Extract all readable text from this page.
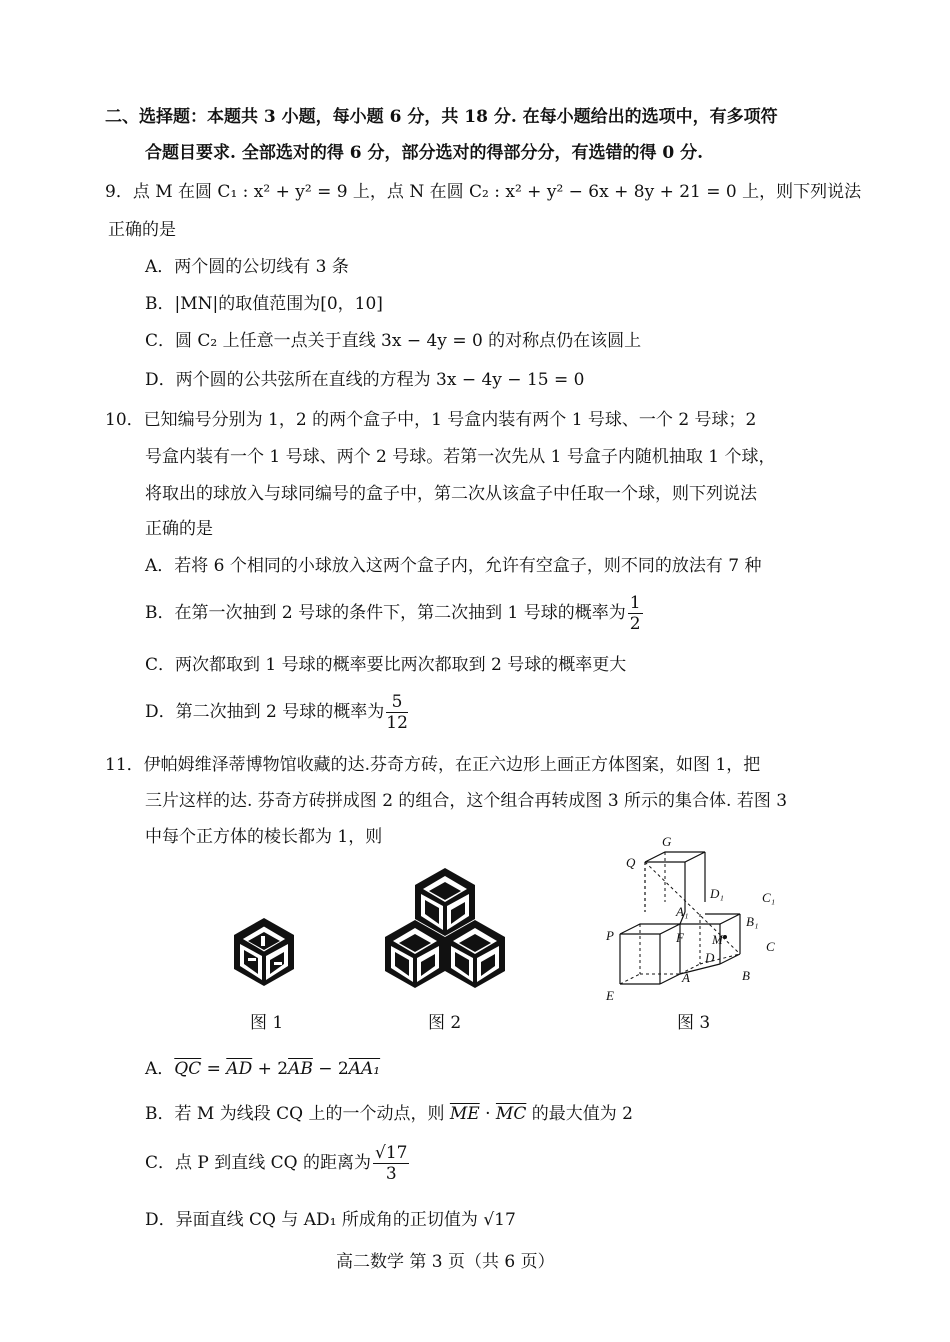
二、选择题：本题共 3 小题，每小题 6 分，共 18 分. 在每小题给出的选项中，有多项符
合题目要求. 全部选对的得 6 分，部分选对的得部分分，有选错的得 0 分.
9．点 M 在圆 C₁ : x² + y² = 9 上，点 N 在圆 C₂ : x² + y² − 6x + 8y + 21 = 0 上，则下列说法
正确的是
A．两个圆的公切线有 3 条
B．|MN|的取值范围为[0，10]
C．圆 C₂ 上任意一点关于直线 3x − 4y = 0 的对称点仍在该圆上
D．两个圆的公共弦所在直线的方程为 3x − 4y − 15 = 0
10．已知编号分别为 1，2 的两个盒子中，1 号盒内装有两个 1 号球、一个 2 号球；2
号盒内装有一个 1 号球、两个 2 号球。若第一次先从 1 号盒子内随机抽取 1 个球，
将取出的球放入与球同编号的盒子中，第二次从该盒子中任取一个球，则下列说法
正确的是
A．若将 6 个相同的小球放入这两个盒子内，允许有空盒子，则不同的放法有 7 种
B．在第一次抽到 2 号球的条件下，第二次抽到 1 号球的概率为 $\frac{1}{2}$
C．两次都取到 1 号球的概率要比两次都取到 2 号球的概率更大
D．第二次抽到 2 号球的概率为 $\frac{5}{12}$
11．伊帕姆维泽蒂博物馆收藏的达.芬奇方砖，在正六边形上画正方体图案，如图 1，把
三片这样的达. 芬奇方砖拼成图 2 的组合，这个组合再转成图 3 所示的集合体. 若图 3
中每个正方体的棱长都为 1，则	G
Q
D₁	C₁
A₁
B₁
P	F M	C
D
B
A
E
图 1	图 2	图 3
A．$\overline{QC} = \overline{AD} + 2\overline{AB} - 2AA_1$
B．若 M 为线段 CQ 上的一个动点，则 $\overline{ME} \cdot \overline{MC}$ 的最大值为 2
C．点 P 到直线 CQ 的距离为 $\frac{√17}{3}$
D．异面直线 CQ 与 AD₁ 所成角的正切值为 √17
高二数学 第 3 页（共 6 页）
